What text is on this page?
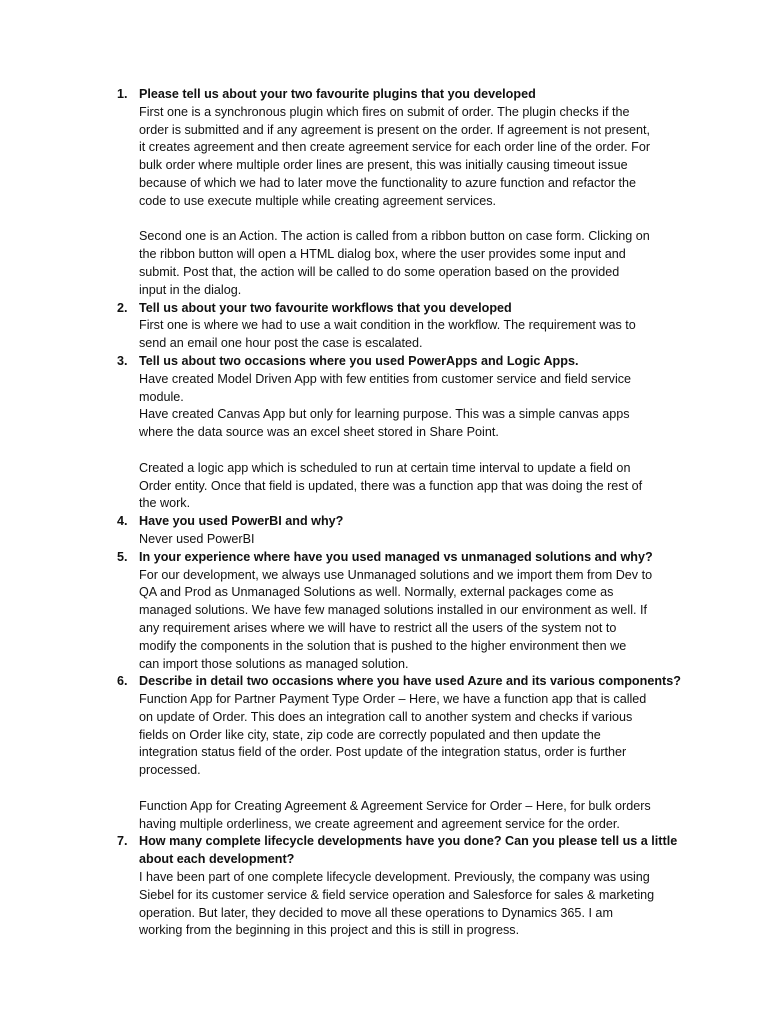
1. Please tell us about your two favourite plugins that you developed
First one is a synchronous plugin which fires on submit of order. The plugin checks if the
order is submitted and if any agreement is present on the order. If agreement is not present,
it creates agreement and then create agreement service for each order line of the order. For
bulk order where multiple order lines are present, this was initially causing timeout issue
because of which we had to later move the functionality to azure function and refactor the
code to use execute multiple while creating agreement services.
Second one is an Action. The action is called from a ribbon button on case form. Clicking on
the ribbon button will open a HTML dialog box, where the user provides some input and
submit. Post that, the action will be called to do some operation based on the provided
input in the dialog.
2. Tell us about your two favourite workflows that you developed
First one is where we had to use a wait condition in the workflow. The requirement was to
send an email one hour post the case is escalated.
3. Tell us about two occasions where you used PowerApps and Logic Apps.
Have created Model Driven App with few entities from customer service and field service
module.
Have created Canvas App but only for learning purpose. This was a simple canvas apps
where the data source was an excel sheet stored in Share Point.
Created a logic app which is scheduled to run at certain time interval to update a field on
Order entity. Once that field is updated, there was a function app that was doing the rest of
the work.
4. Have you used PowerBI and why?
Never used PowerBI
5. In your experience where have you used managed vs unmanaged solutions and why?
For our development, we always use Unmanaged solutions and we import them from Dev to
QA and Prod as Unmanaged Solutions as well. Normally, external packages come as
managed solutions. We have few managed solutions installed in our environment as well. If
any requirement arises where we will have to restrict all the users of the system not to
modify the components in the solution that is pushed to the higher environment then we
can import those solutions as managed solution.
6. Describe in detail two occasions where you have used Azure and its various components?
Function App for Partner Payment Type Order – Here, we have a function app that is called
on update of Order. This does an integration call to another system and checks if various
fields on Order like city, state, zip code are correctly populated and then update the
integration status field of the order. Post update of the integration status, order is further
processed.
Function App for Creating Agreement & Agreement Service for Order – Here, for bulk orders
having multiple orderliness, we create agreement and agreement service for the order.
7. How many complete lifecycle developments have you done? Can you please tell us a little
about each development?
I have been part of one complete lifecycle development. Previously, the company was using
Siebel for its customer service & field service operation and Salesforce for sales & marketing
operation. But later, they decided to move all these operations to Dynamics 365. I am
working from the beginning in this project and this is still in progress.
